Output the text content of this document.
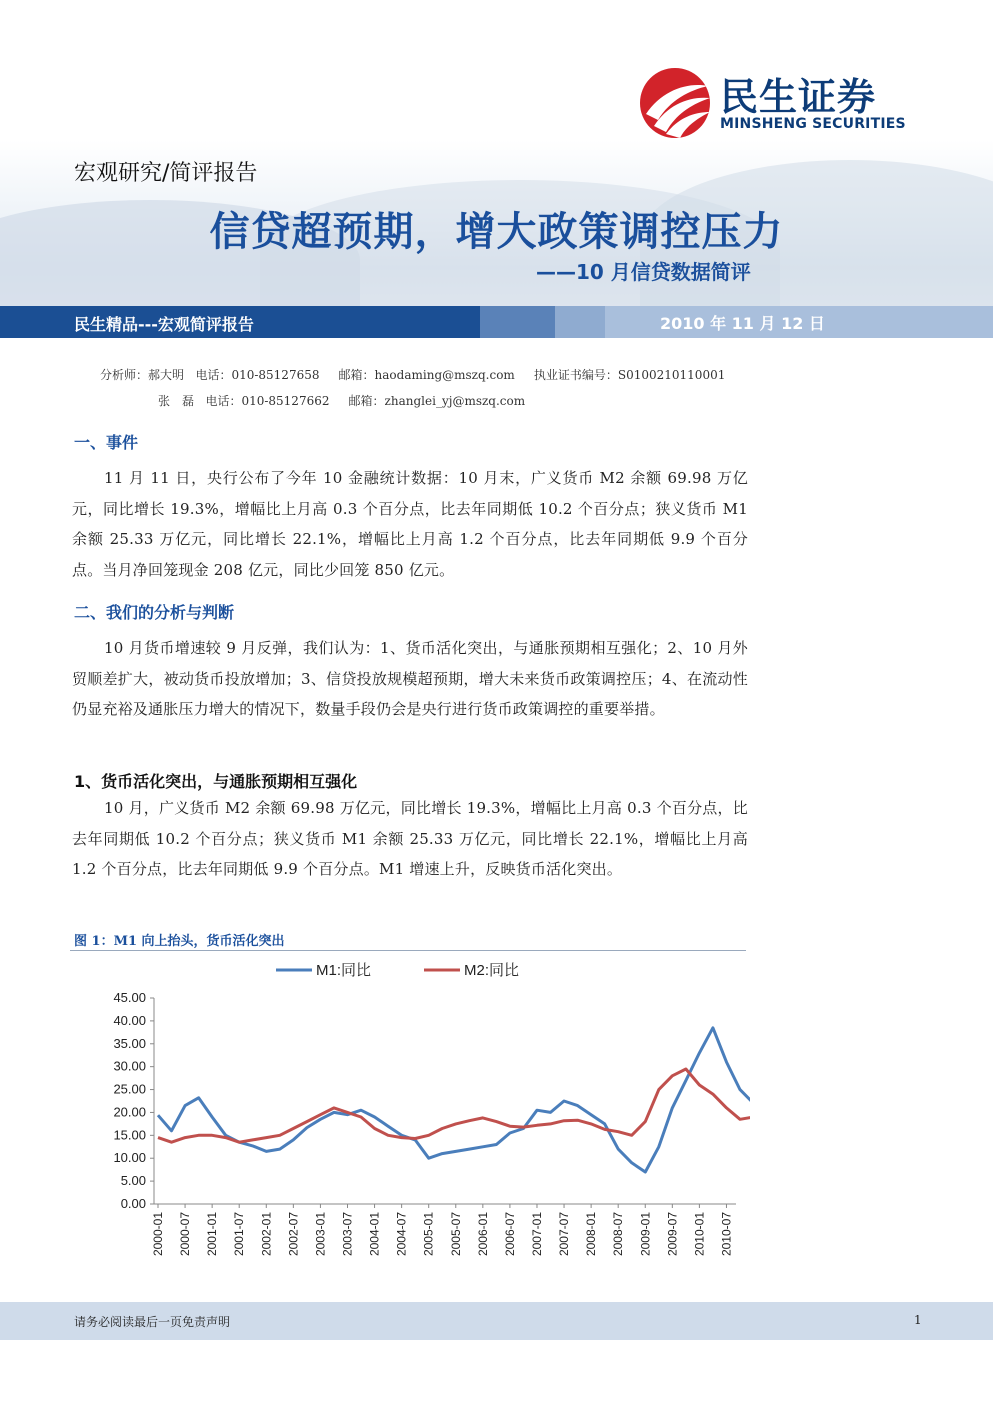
民生证券
MINSHENG SECURITIES
宏观研究/简评报告
信贷超预期，增大政策调控压力
——10 月信贷数据简评
民生精品---宏观简评报告	2010 年 11 月 12 日
分析师：郝大明   电话：010-85127658     邮箱：haodaming@mszq.com     执业证书编号：S0100210110001
张　磊   电话：010-85127662     邮箱：zhanglei_yj@mszq.com
一、事件
11 月 11 日，央行公布了今年 10 金融统计数据：10 月末，广义货币 M2 余额 69.98 万亿元，同比增长 19.3%，增幅比上月高 0.3 个百分点，比去年同期低 10.2 个百分点；狭义货币 M1 余额 25.33 万亿元，同比增长 22.1%，增幅比上月高 1.2 个百分点，比去年同期低 9.9 个百分点。当月净回笼现金 208 亿元，同比少回笼 850 亿元。
二、我们的分析与判断
10 月货币增速较 9 月反弹，我们认为：1、货币活化突出，与通胀预期相互强化；2、10 月外贸顺差扩大，被动货币投放增加；3、信贷投放规模超预期，增大未来货币政策调控压；4、在流动性仍显充裕及通胀压力增大的情况下，数量手段仍会是央行进行货币政策调控的重要举措。
1、货币活化突出，与通胀预期相互强化
10 月，广义货币 M2 余额 69.98 万亿元，同比增长 19.3%，增幅比上月高 0.3 个百分点，比去年同期低 10.2 个百分点；狭义货币 M1 余额 25.33 万亿元，同比增长 22.1%，增幅比上月高 1.2 个百分点，比去年同期低 9.9 个百分点。M1 增速上升，反映货币活化突出。
图 1：M1 向上抬头，货币活化突出
M1:同比	M2:同比
45.00
40.00
35.00
30.00
25.00
20.00
15.00
10.00
5.00
0.00
2000-01 2000-07 2001-01 2001-07 2002-01 2002-07 2003-01 2003-07 2004-01 2004-07 2005-01 2005-07 2006-01 2006-07 2007-01 2007-07 2008-01 2008-07 2009-01 2009-07 2010-01 2010-07
请务必阅读最后一页免责声明	1
